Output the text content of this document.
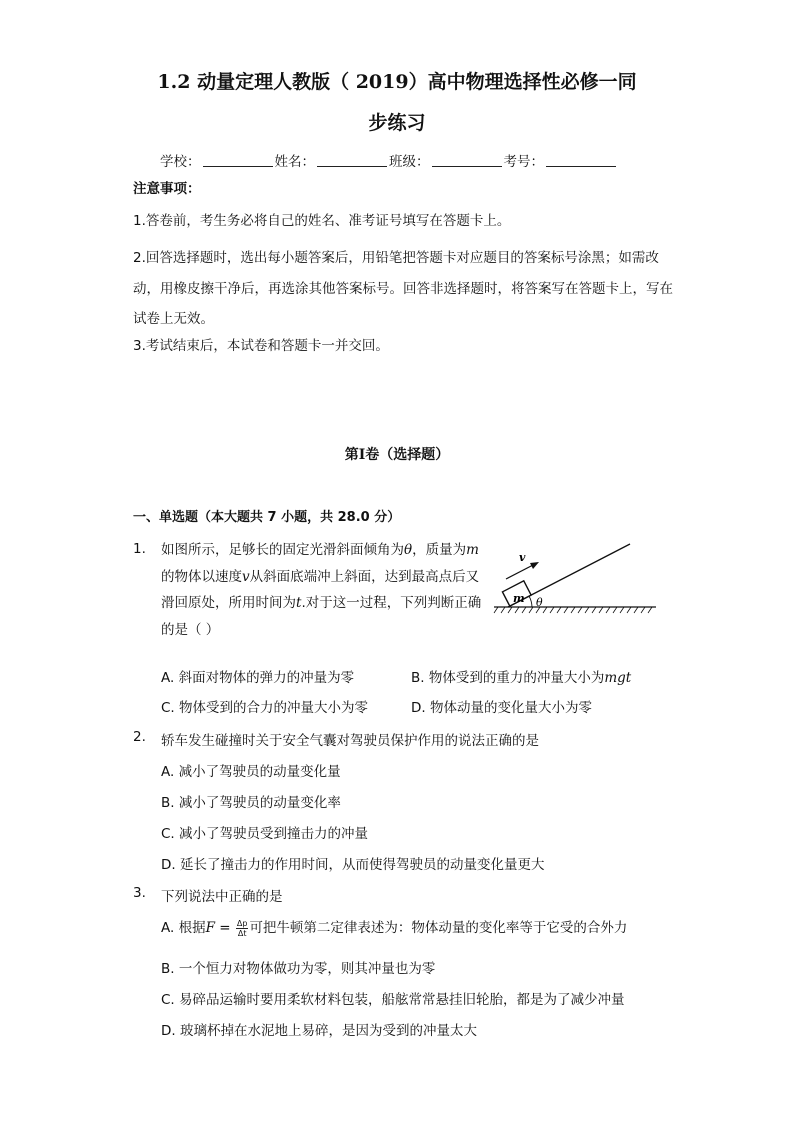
1.2 动量定理人教版（ 2019）高中物理选择性必修一同
步练习
学校：	姓名：	班级：	考号：
注意事项：
1.答卷前，考生务必将自己的姓名、准考证号填写在答题卡上。
2.回答选择题时，选出每小题答案后，用铅笔把答题卡对应题目的答案标号涂黑；如需改动，用橡皮擦干净后，再选涂其他答案标号。回答非选择题时，将答案写在答题卡上，写在试卷上无效。
3.考试结束后，本试卷和答题卡一并交回。
第I卷（选择题）
一、单选题（本大题共 7 小题，共 28.0 分）
1. 如图所示，足够长的固定光滑斜面倾角为θ，质量为m的物体以速度v从斜面底端冲上斜面，达到最高点后又滑回原处，所用时间为t.对于这一过程，下列判断正确的是（ ）
m θ
v
A. 斜面对物体的弹力的冲量为零	B. 物体受到的重力的冲量大小为mgt
C. 物体受到的合力的冲量大小为零	D. 物体动量的变化量大小为零
2. 轿车发生碰撞时关于安全气囊对驾驶员保护作用的说法正确的是
A. 减小了驾驶员的动量变化量
B. 减小了驾驶员的动量变化率
C. 减小了驾驶员受到撞击力的冲量
D. 延长了撞击力的作用时间，从而使得驾驶员的动量变化量更大
3. 下列说法中正确的是
A. 根据$F = \frac{\Delta p}{\Delta t}$ 可把牛顿第二定律表述为：物体动量的变化率等于它受的合外力
B. 一个恒力对物体做功为零，则其冲量也为零
C. 易碎品运输时要用柔软材料包装，船舷常常悬挂旧轮胎，都是为了减少冲量
D. 玻璃杯掉在水泥地上易碎，是因为受到的冲量太大
